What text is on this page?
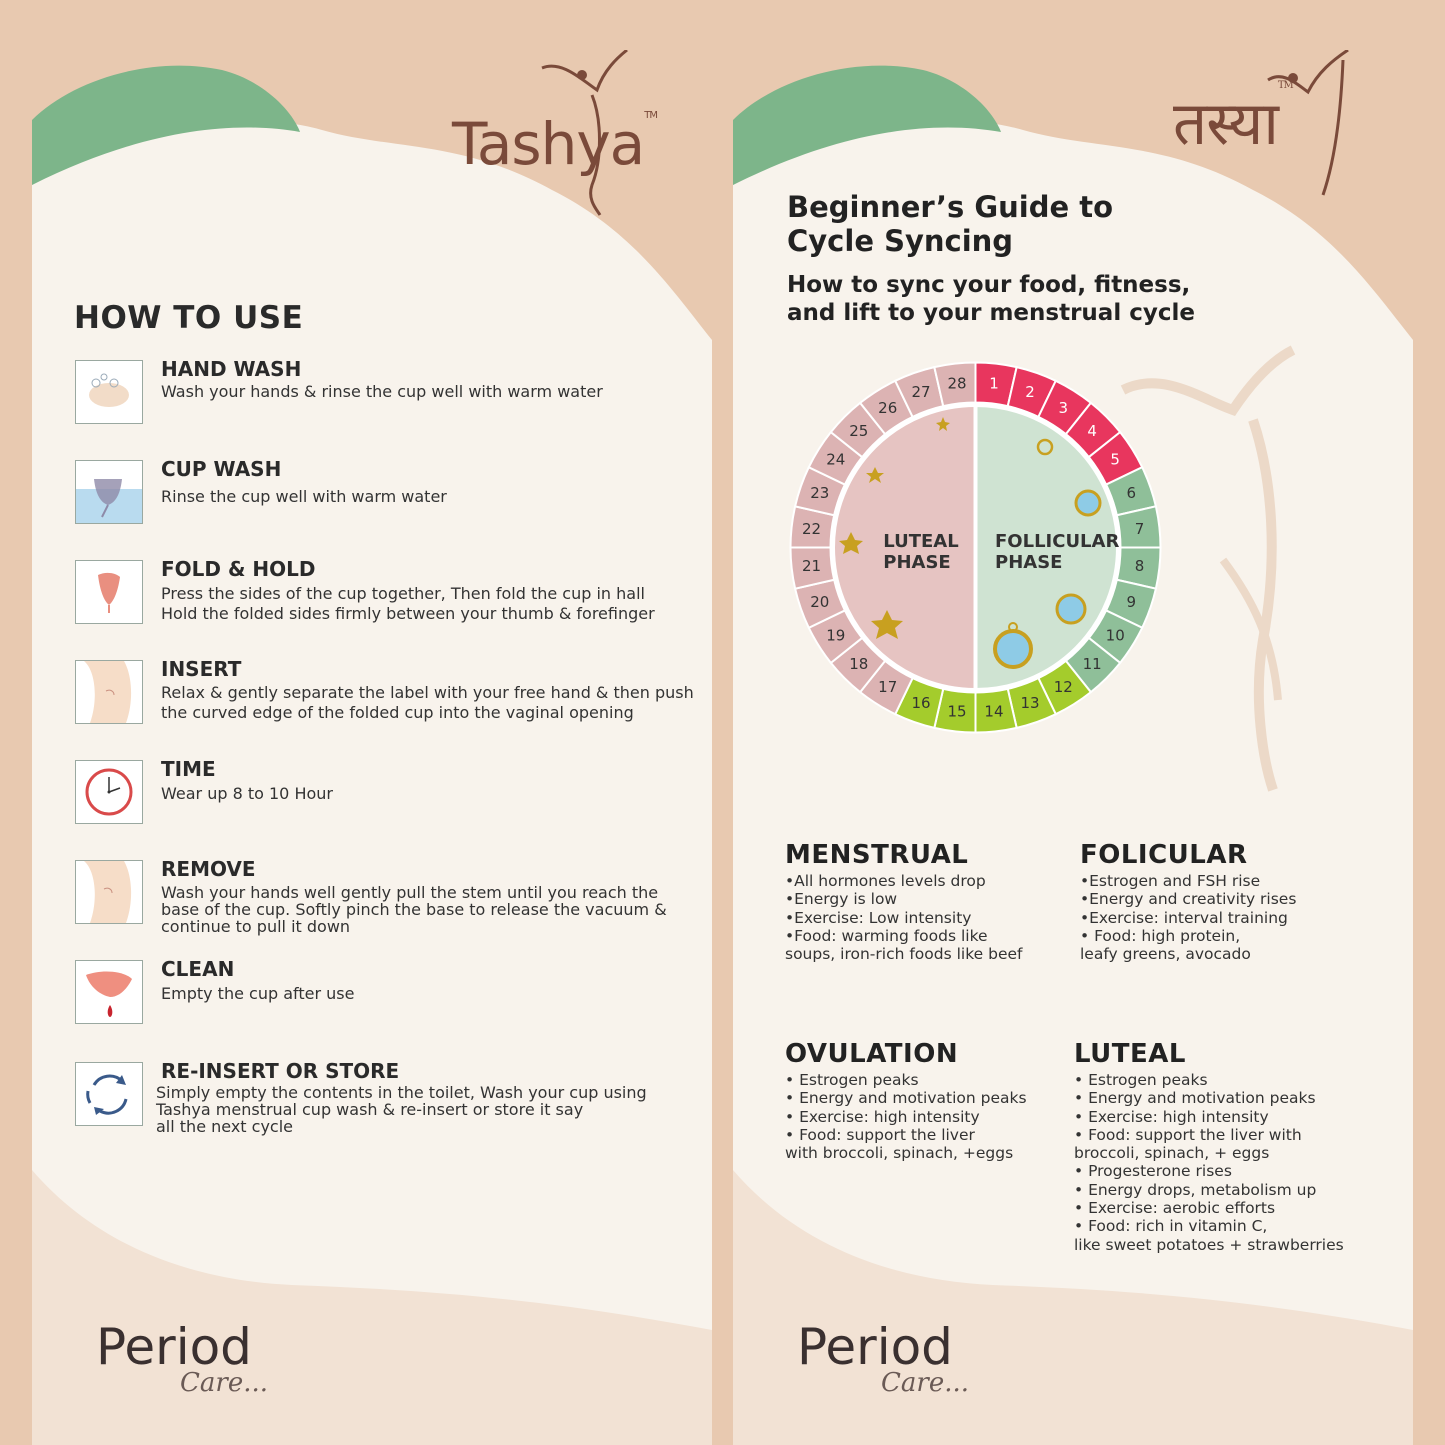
Tashya™
HOW TO USE
HAND WASH
Wash your hands & rinse the cup well with warm water
CUP WASH
Rinse the cup well with warm water
FOLD & HOLD
Press the sides of the cup together, Then fold the cup in hall
Hold the folded sides firmly between your thumb & forefinger
INSERT
Relax & gently separate the label with your free hand & then push
the curved edge of the folded cup into the vaginal opening
TIME
Wear up 8 to 10 Hour
REMOVE
Wash your hands well gently pull the stem until you reach the
base of the cup. Softly pinch the base to release the vacuum &
continue to pull it down
CLEAN
Empty the cup after use
RE-INSERT OR STORE
Simply empty the contents in the toilet, Wash your cup using
Tashya menstrual cup wash & re-insert or store it say
all the next cycle
Period
Care...
तस्या™
Beginner’s Guide to
Cycle Syncing
How to sync your food, fitness,
and lift to your menstrual cycle
1 2
3
4
5
6
7
8
9
10
11
12
13
14
15
16
17
18
19
20
21
22
23
24
25
26
27 28
LUTEAL PHASE
FOLLICULAR PHASE
MENSTRUAL
•All hormones levels drop
•Energy is low
•Exercise: Low intensity
•Food: warming foods like
soups, iron-rich foods like beef
FOLICULAR
•Estrogen and FSH rise
•Energy and creativity rises
•Exercise: interval training
• Food: high protein,
leafy greens, avocado
OVULATION
• Estrogen peaks
• Energy and motivation peaks
• Exercise: high intensity
• Food: support the liver
with broccoli, spinach, +eggs
LUTEAL
• Estrogen peaks
• Energy and motivation peaks
• Exercise: high intensity
• Food: support the liver with
broccoli, spinach, + eggs
• Progesterone rises
• Energy drops, metabolism up
• Exercise: aerobic efforts
• Food: rich in vitamin C,
like sweet potatoes + strawberries
Period
Care...
